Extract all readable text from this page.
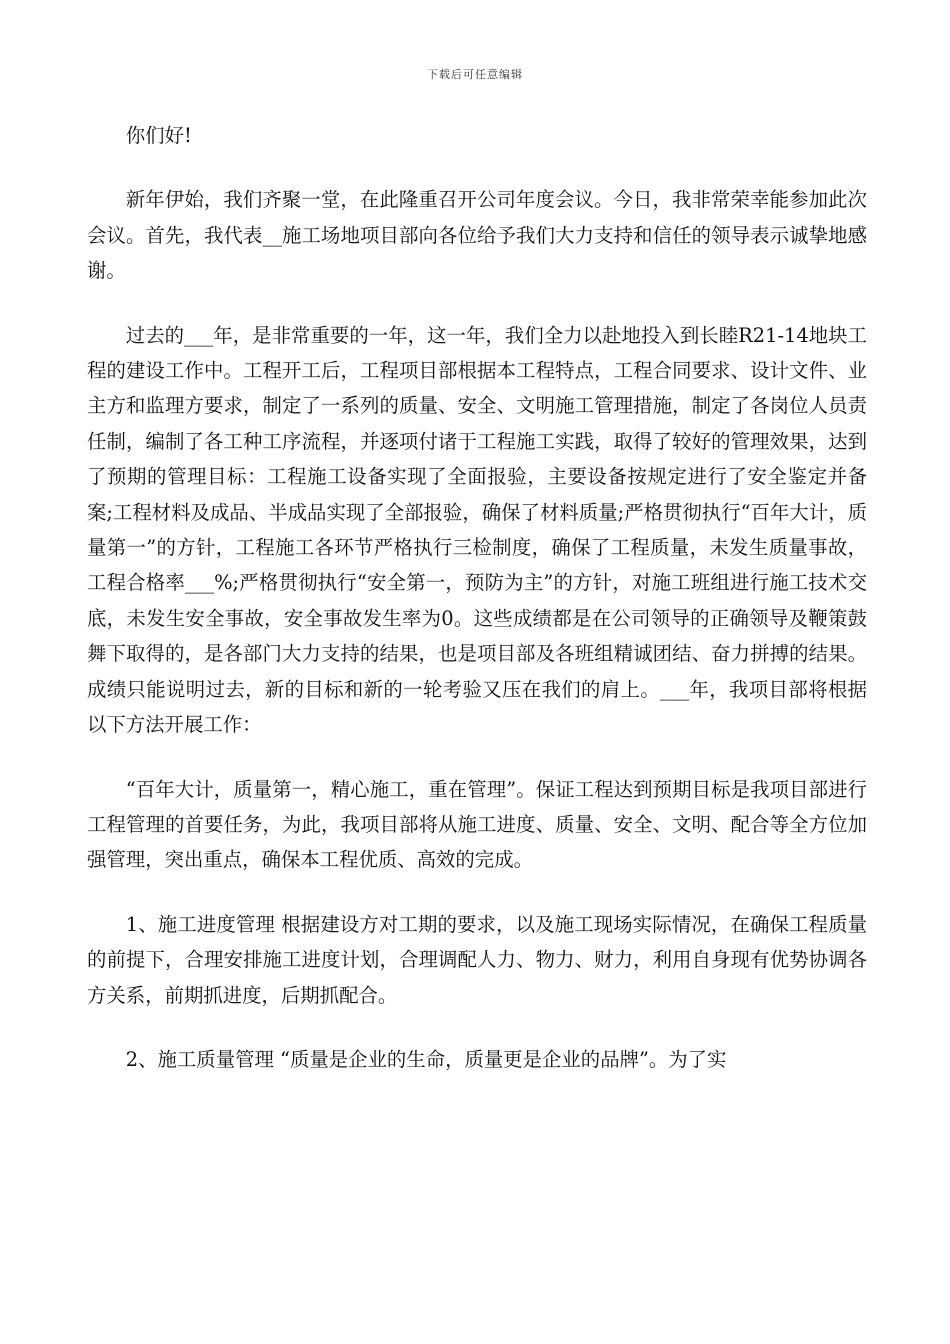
下载后可任意编辑

你们好!

新年伊始，我们齐聚一堂，在此隆重召开公司年度会议。今日，我非常荣幸能参加此次会议。首先，我代表__施工场地项目部向各位给予我们大力支持和信任的领导表示诚挚地感谢。

过去的___年，是非常重要的一年，这一年，我们全力以赴地投入到长睦R21-14地块工程的建设工作中。工程开工后，工程项目部根据本工程特点，工程合同要求、设计文件、业主方和监理方要求，制定了一系列的质量、安全、文明施工管理措施，制定了各岗位人员责任制，编制了各工种工序流程，并逐项付诸于工程施工实践，取得了较好的管理效果，达到了预期的管理目标：工程施工设备实现了全面报验，主要设备按规定进行了安全鉴定并备案;工程材料及成品、半成品实现了全部报验，确保了材料质量;严格贯彻执行“百年大计，质量第一”的方针，工程施工各环节严格执行三检制度，确保了工程质量，未发生质量事故，工程合格率___%;严格贯彻执行“安全第一，预防为主”的方针，对施工班组进行施工技术交底，未发生安全事故，安全事故发生率为0。这些成绩都是在公司领导的正确领导及鞭策鼓舞下取得的，是各部门大力支持的结果，也是项目部及各班组精诚团结、奋力拼搏的结果。成绩只能说明过去，新的目标和新的一轮考验又压在我们的肩上。___年，我项目部将根据以下方法开展工作：

“百年大计，质量第一，精心施工，重在管理”。保证工程达到预期目标是我项目部进行工程管理的首要任务，为此，我项目部将从施工进度、质量、安全、文明、配合等全方位加强管理，突出重点，确保本工程优质、高效的完成。

1、施工进度管理 根据建设方对工期的要求，以及施工现场实际情况，在确保工程质量的前提下，合理安排施工进度计划，合理调配人力、物力、财力，利用自身现有优势协调各方关系，前期抓进度，后期抓配合。

2、施工质量管理 “质量是企业的生命，质量更是企业的品牌”。为了实
